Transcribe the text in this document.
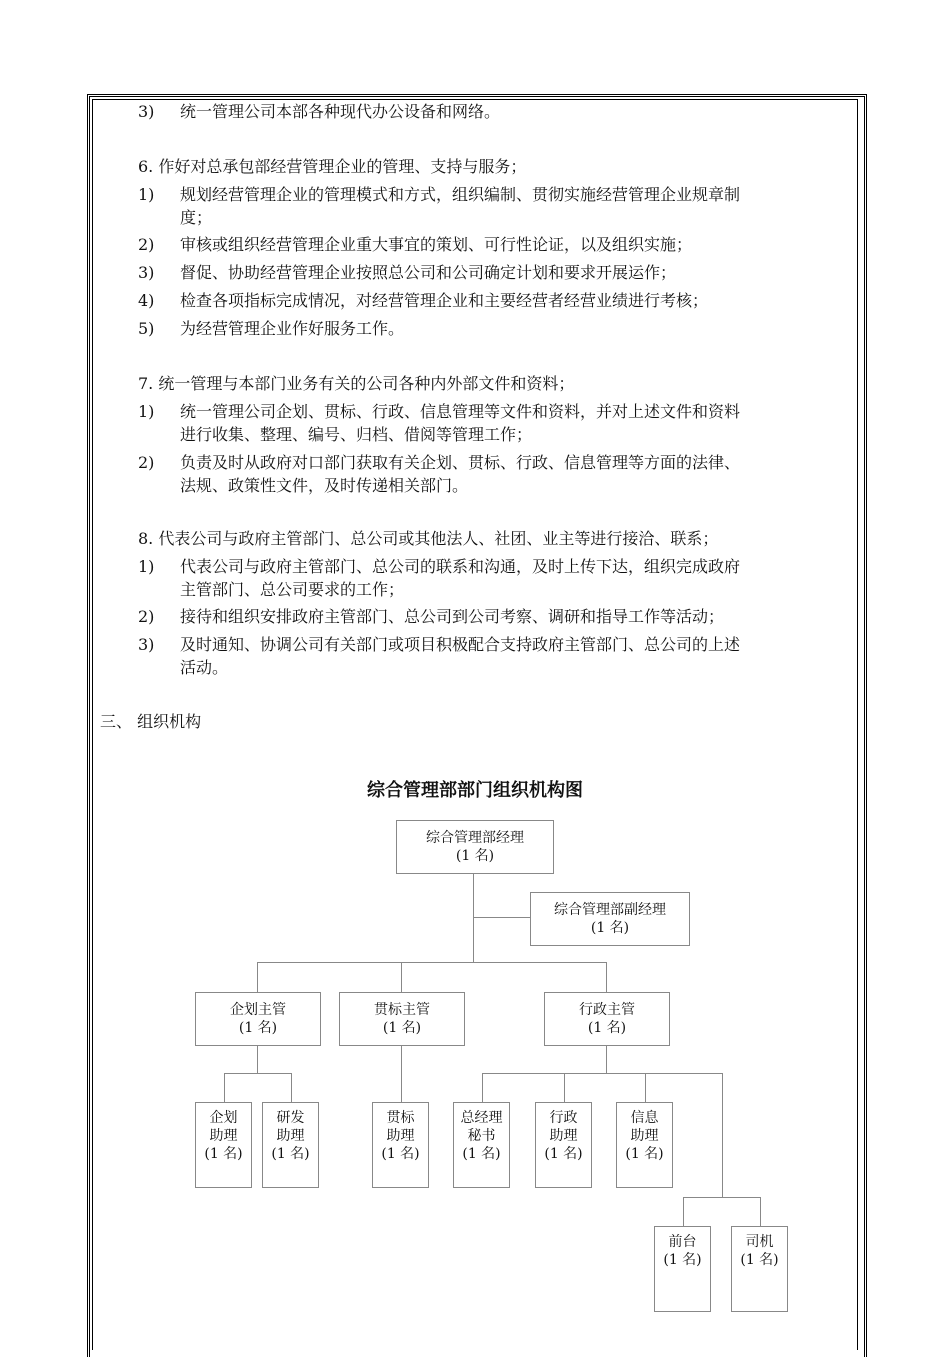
3) 统一管理公司本部各种现代办公设备和网络。
6. 作好对总承包部经营管理企业的管理、支持与服务；
1) 规划经营管理企业的管理模式和方式，组织编制、贯彻实施经营管理企业规章制
度；
2) 审核或组织经营管理企业重大事宜的策划、可行性论证，以及组织实施；
3) 督促、协助经营管理企业按照总公司和公司确定计划和要求开展运作；
4) 检查各项指标完成情况，对经营管理企业和主要经营者经营业绩进行考核；
5) 为经营管理企业作好服务工作。
7. 统一管理与本部门业务有关的公司各种内外部文件和资料；
1) 统一管理公司企划、贯标、行政、信息管理等文件和资料，并对上述文件和资料
进行收集、整理、编号、归档、借阅等管理工作；
2) 负责及时从政府对口部门获取有关企划、贯标、行政、信息管理等方面的法律、
法规、政策性文件，及时传递相关部门。
8. 代表公司与政府主管部门、总公司或其他法人、社团、业主等进行接洽、联系；
1) 代表公司与政府主管部门、总公司的联系和沟通，及时上传下达，组织完成政府
主管部门、总公司要求的工作；
2) 接待和组织安排政府主管部门、总公司到公司考察、调研和指导工作等活动；
3) 及时通知、协调公司有关部门或项目积极配合支持政府主管部门、总公司的上述
活动。
三、 组织机构
综合管理部部门组织机构图
综合管理部经理
(1 名)
综合管理部副经理
(1 名)
企划主管
(1 名)
贯标主管
(1 名)
行政主管
(1 名)
企划
助理
(1 名)
研发
助理
(1 名)
贯标
助理
(1 名)
总经理
秘书
(1 名)
行政
助理
(1 名)
信息
助理
(1 名)
前台
(1 名)
司机
(1 名)
